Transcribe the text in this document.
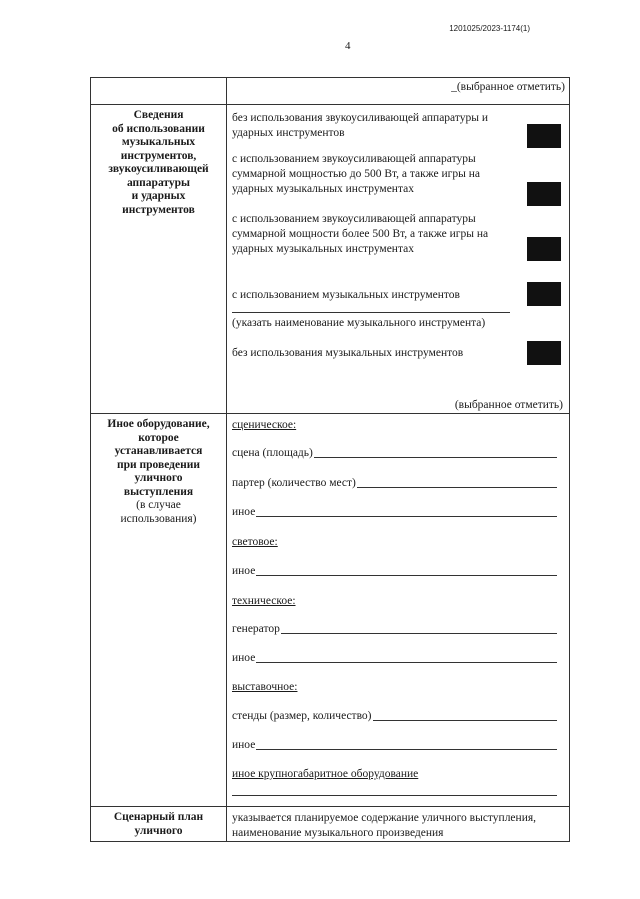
1201025/2023-1174(1)
4
_(выбранное отметить)
Сведения
об использовании
музыкальных
инструментов,
звукоусиливающей
аппаратуры
и ударных
инструментов
без использования звукоусиливающей аппаратуры и ударных инструментов
с использованием звукоусиливающей аппаратуры суммарной мощностью до 500 Вт, а также игры на ударных музыкальных инструментах
с использованием звукоусиливающей аппаратуры суммарной мощности более 500 Вт, а также игры на ударных музыкальных инструментах
с использованием музыкальных инструментов
(указать наименование музыкального инструмента)
без использования музыкальных инструментов
(выбранное отметить)
Иное оборудование,
которое
устанавливается
при проведении
уличного
выступления
(в случае
использования)
сценическое:
сцена (площадь)
партер (количество мест)
иное
световое:
иное
техническое:
генератор
иное
выставочное:
стенды (размер, количество)
иное
иное крупногабаритное оборудование
Сценарный план
уличного
указывается планируемое содержание уличного выступления, наименование музыкального произведения
